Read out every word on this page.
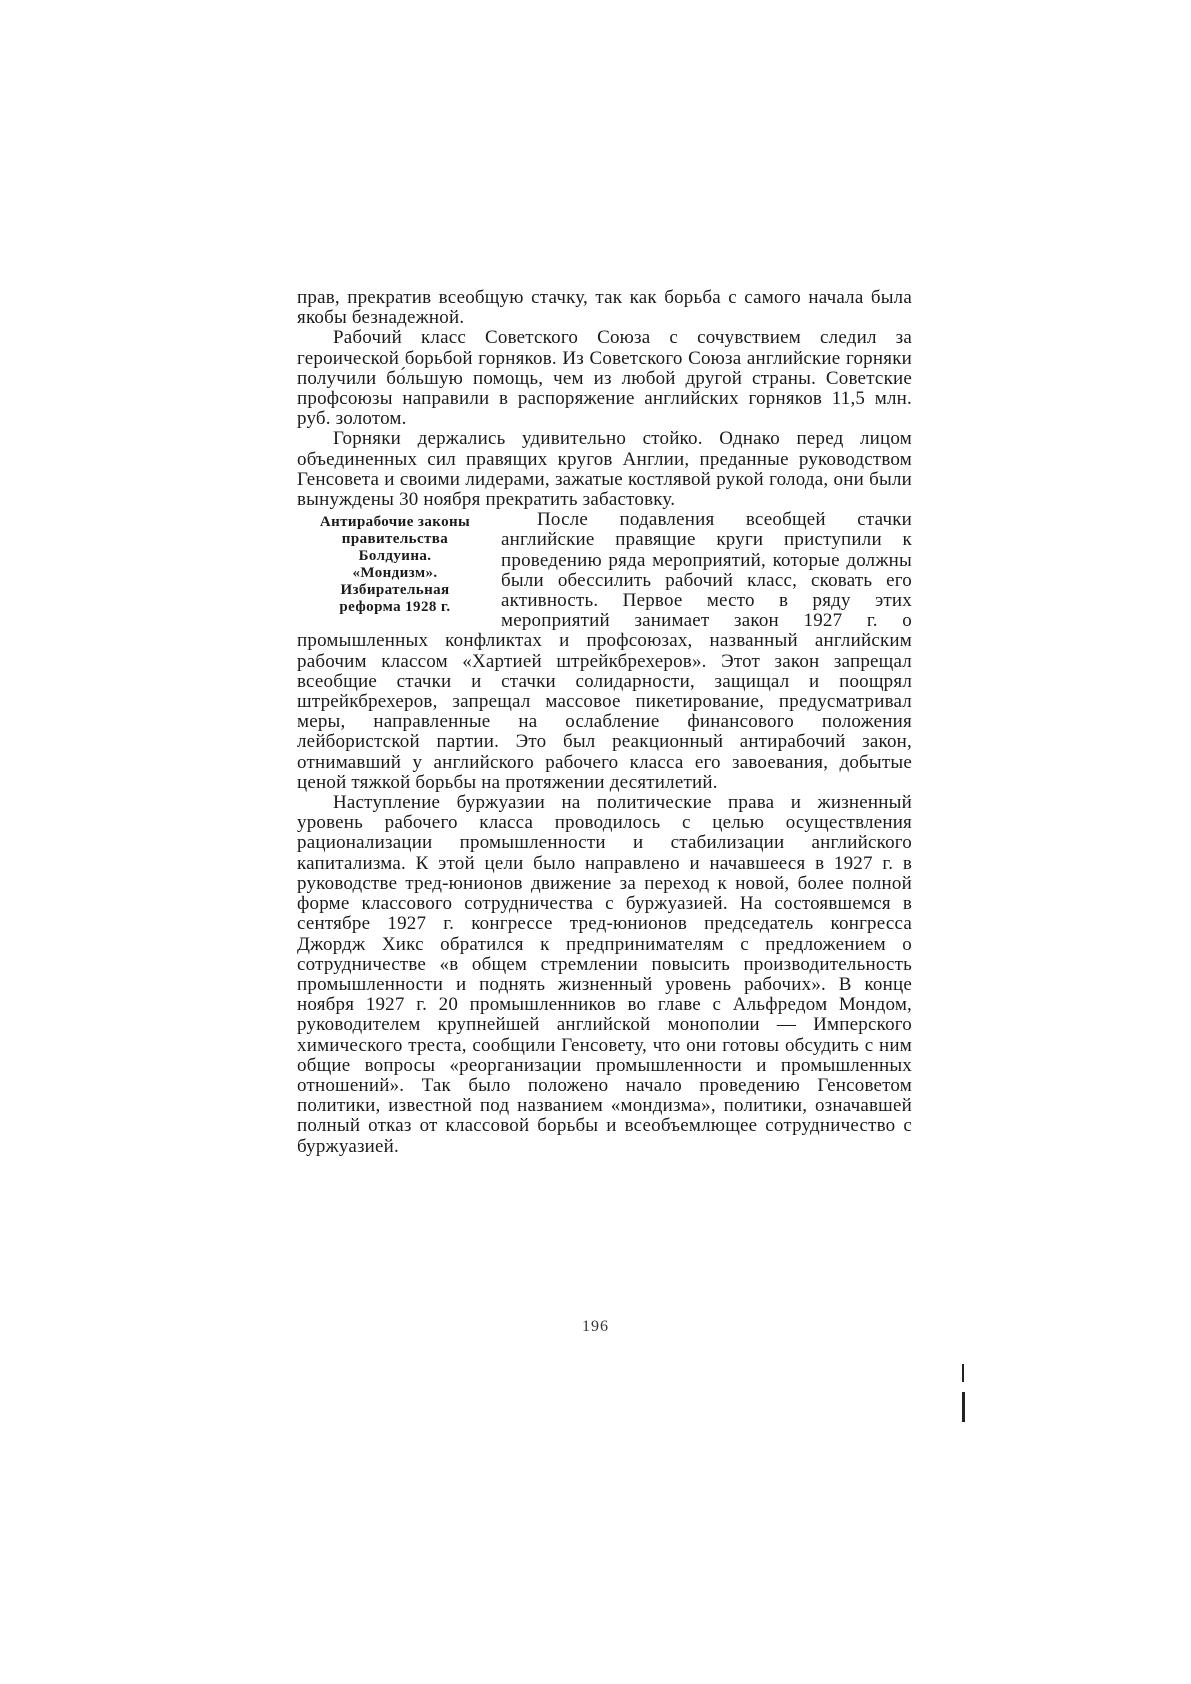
прав, прекратив всеобщую стачку, так как борьба с самого начала была якобы безнадежной.

Рабочий класс Советского Союза с сочувствием следил за героической борьбой горняков. Из Советского Союза английские горняки получили бо́льшую помощь, чем из любой другой страны. Советские профсоюзы направили в распоряжение английских горняков 11,5 млн. руб. золотом.

Горняки держались удивительно стойко. Однако перед лицом объединенных сил правящих кругов Англии, преданные руководством Генсовета и своими лидерами, зажатые костлявой рукой голода, они были вынуждены 30 ноября прекратить забастовку.

Антирабочие законы
правительства
Болдуина.
«Мондизм».
Избирательная
реформа 1928 г.

После подавления всеобщей стачки английские правящие круги приступили к проведению ряда мероприятий, которые должны были обессилить рабочий класс, сковать его активность. Первое место в ряду этих мероприятий занимает закон 1927 г. о промышленных конфликтах и профсоюзах, названный английским рабочим классом «Хартией штрейкбрехеров». Этот закон запрещал всеобщие стачки и стачки солидарности, защищал и поощрял штрейкбрехеров, запрещал массовое пикетирование, предусматривал меры, направленные на ослабление финансового положения лейбористской партии. Это был реакционный антирабочий закон, отнимавший у английского рабочего класса его завоевания, добытые ценой тяжкой борьбы на протяжении десятилетий.

Наступление буржуазии на политические права и жизненный уровень рабочего класса проводилось с целью осуществления рационализации промышленности и стабилизации английского капитализма. К этой цели было направлено и начавшееся в 1927 г. в руководстве тред-юнионов движение за переход к новой, более полной форме классового сотрудничества с буржуазией. На состоявшемся в сентябре 1927 г. конгрессе тред-юнионов председатель конгресса Джордж Хикс обратился к предпринимателям с предложением о сотрудничестве «в общем стремлении повысить производительность промышленности и поднять жизненный уровень рабочих». В конце ноября 1927 г. 20 промышленников во главе с Альфредом Мондом, руководителем крупнейшей английской монополии — Имперского химического треста, сообщили Генсовету, что они готовы обсудить с ним общие вопросы «реорганизации промышленности и промышленных отношений». Так было положено начало проведению Генсоветом политики, известной под названием «мондизма», политики, означавшей полный отказ от классовой борьбы и всеобъемлющее сотрудничество с буржуазией.

196
